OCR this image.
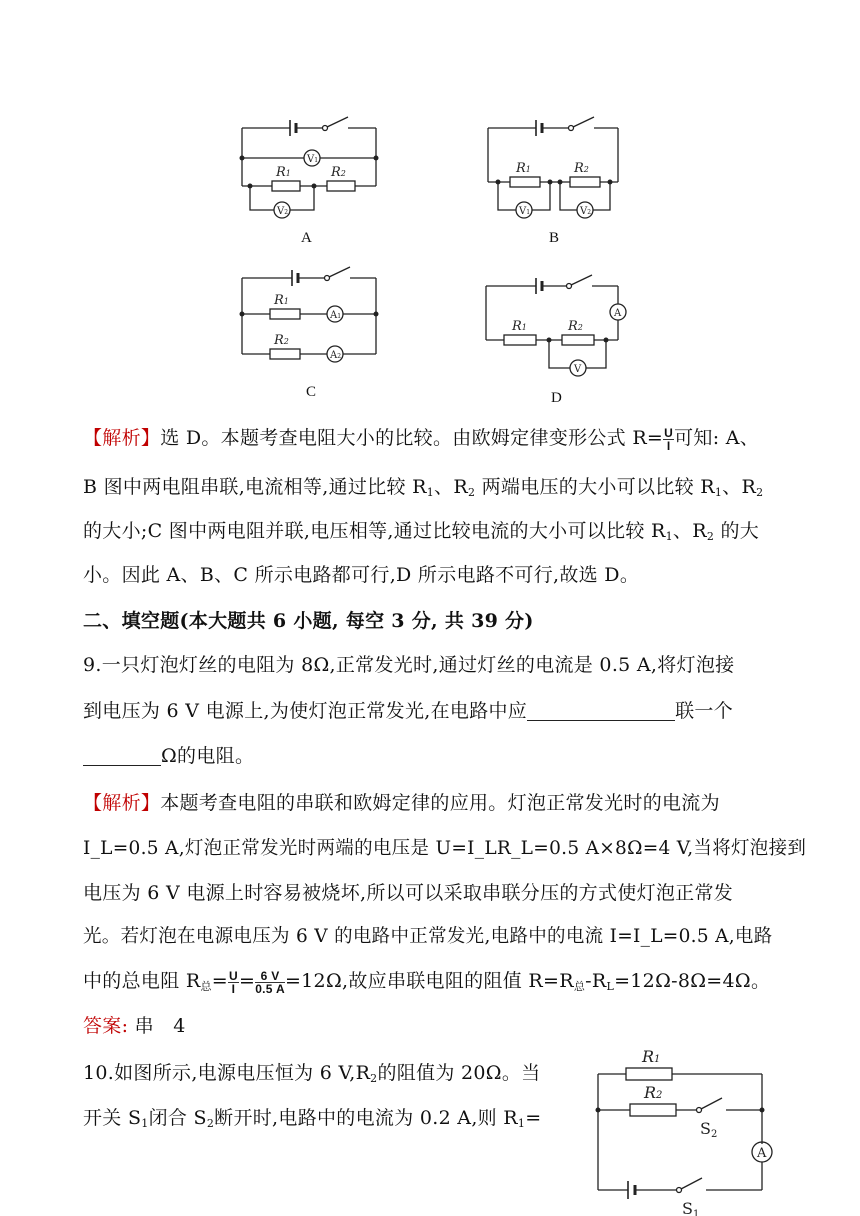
V1
R1	R2
V2
A
R1	R2
V1	V2
B
A1
R1
A2
R2
C
A
R1	R2
V
D
【解析】选 D。本题考查电阻大小的比较。由欧姆定律变形公式 $R= \frac{U}{I}$ 可知: A、
B 图中两电阻串联,电流相等,通过比较 $R_1$、$R_2$ 两端电压的大小可以比较 $R_1$、$R_2$
的大小;C 图中两电阻并联,电压相等,通过比较电流的大小可以比较 $R_1$、$R_2$ 的大
小。因此 A、B、C 所示电路都可行,D 所示电路不可行,故选 D。
二、填空题(本大题共 6 小题, 每空 3 分, 共 39 分)
9.一只灯泡灯丝的电阻为 8Ω,正常发光时,通过灯丝的电流是 0.5 A,将灯泡接
到电压为 6 V 电源上,为使灯泡正常发光,在电路中应	联一个
Ω的电阻。
【解析】本题考查电阻的串联和欧姆定律的应用。灯泡正常发光时的电流为
I_L=0.5 A,灯泡正常发光时两端的电压是 U=I_LR_L=0.5 A×8Ω=4 V,当将灯泡接到
电压为 6 V 电源上时容易被烧坏,所以可以采取串联分压的方式使灯泡正常发
光。若灯泡在电源电压为 6 V 的电路中正常发光,电路中的电流 I=I_L=0.5 A,电路
中的总电阻 $R_总= \frac{U}{I} = \frac{6 V}{0.5 A} =12\Omega$,故应串联电阻的阻值 $R=R_总-R_L=12\Omega-8\Omega=4\Omega$。
答案: 串　4
10.如图所示,电源电压恒为 6 $V,R_2$的阻值为 20Ω。当
开关 $S_1$闭合 $S_2$断开时,电路中的电流为 0.2 A,则 $R_1=$
R1
R2
S2
A
S1
